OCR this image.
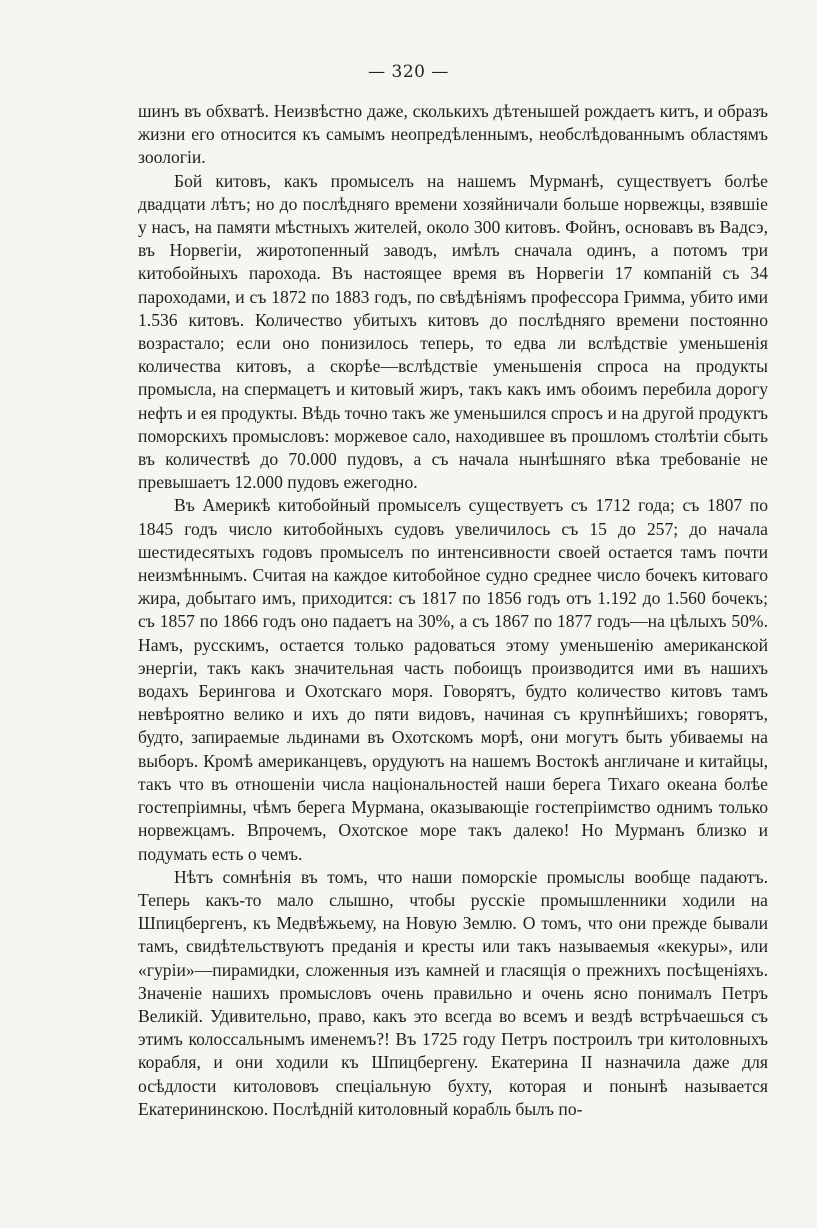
— 320 —

шинъ въ обхватѣ. Неизвѣстно даже, сколькихъ дѣтенышей рождаетъ китъ, и образъ жизни его относится къ самымъ неопредѣленнымъ, необслѣдованнымъ областямъ зоологіи.

Бой китовъ, какъ промыселъ на нашемъ Мурманѣ, существуетъ болѣе двадцати лѣтъ; но до послѣдняго времени хозяйничали больше норвежцы, взявшіе у насъ, на памяти мѣстныхъ жителей, около 300 китовъ. Фойнъ, основавъ въ Вадсэ, въ Норвегіи, жиротопенный заводъ, имѣлъ сначала одинъ, а потомъ три китобойныхъ парохода. Въ настоящее время въ Норвегіи 17 компаній съ 34 пароходами, и съ 1872 по 1883 годъ, по свѣдѣніямъ профессора Гримма, убито ими 1.536 китовъ. Количество убитыхъ китовъ до послѣдняго времени постоянно возрастало; если оно понизилось теперь, то едва ли вслѣдствіе уменьшенія количества китовъ, а скорѣе—вслѣдствіе уменьшенія спроса на продукты промысла, на спермацетъ и китовый жиръ, такъ какъ имъ обоимъ перебила дорогу нефть и ея продукты. Вѣдь точно такъ же уменьшился спросъ и на другой продуктъ поморскихъ промысловъ: моржевое сало, находившее въ прошломъ столѣтіи сбыть въ количествѣ до 70.000 пудовъ, а съ начала нынѣшняго вѣка требованіе не превышаетъ 12.000 пудовъ ежегодно.

Въ Америкѣ китобойный промыселъ существуетъ съ 1712 года; съ 1807 по 1845 годъ число китобойныхъ судовъ увеличилось съ 15 до 257; до начала шестидесятыхъ годовъ промыселъ по интенсивности своей остается тамъ почти неизмѣннымъ. Считая на каждое китобойное судно среднее число бочекъ китоваго жира, добытаго имъ, приходится: съ 1817 по 1856 годъ отъ 1.192 до 1.560 бочекъ; съ 1857 по 1866 годъ оно падаетъ на 30%, а съ 1867 по 1877 годъ—на цѣлыхъ 50%. Намъ, русскимъ, остается только радоваться этому уменьшенію американской энергіи, такъ какъ значительная часть побоищъ производится ими въ нашихъ водахъ Берингова и Охотскаго моря. Говорятъ, будто количество китовъ тамъ невѣроятно велико и ихъ до пяти видовъ, начиная съ крупнѣйшихъ; говорятъ, будто, запираемые льдинами въ Охотскомъ морѣ, они могутъ быть убиваемы на выборъ. Кромѣ американцевъ, орудуютъ на нашемъ Востокѣ англичане и китайцы, такъ что въ отношеніи числа національностей наши берега Тихаго океана болѣе гостепріимны, чѣмъ берега Мурмана, оказывающіе гостепріимство однимъ только норвежцамъ. Впрочемъ, Охотское море такъ далеко! Но Мурманъ близко и подумать есть о чемъ.

Нѣтъ сомнѣнія въ томъ, что наши поморскіе промыслы вообще падаютъ. Теперь какъ-то мало слышно, чтобы русскіе промышленники ходили на Шпицбергенъ, къ Медвѣжьему, на Новую Землю. О томъ, что они прежде бывали тамъ, свидѣтельствуютъ преданія и кресты или такъ называемыя «кекуры», или «гуріи»—пирамидки, сложенныя изъ камней и гласящія о прежнихъ посѣщеніяхъ. Значеніе нашихъ промысловъ очень правильно и очень ясно понималъ Петръ Великій. Удивительно, право, какъ это всегда во всемъ и вездѣ встрѣчаешься съ этимъ колоссальнымъ именемъ?! Въ 1725 году Петръ построилъ три китоловныхъ корабля, и они ходили къ Шпицбергену. Екатерина II назначила даже для осѣдлости китолововъ спеціальную бухту, которая и понынѣ называется Екатерининскою. Послѣдній китоловный корабль былъ по-
